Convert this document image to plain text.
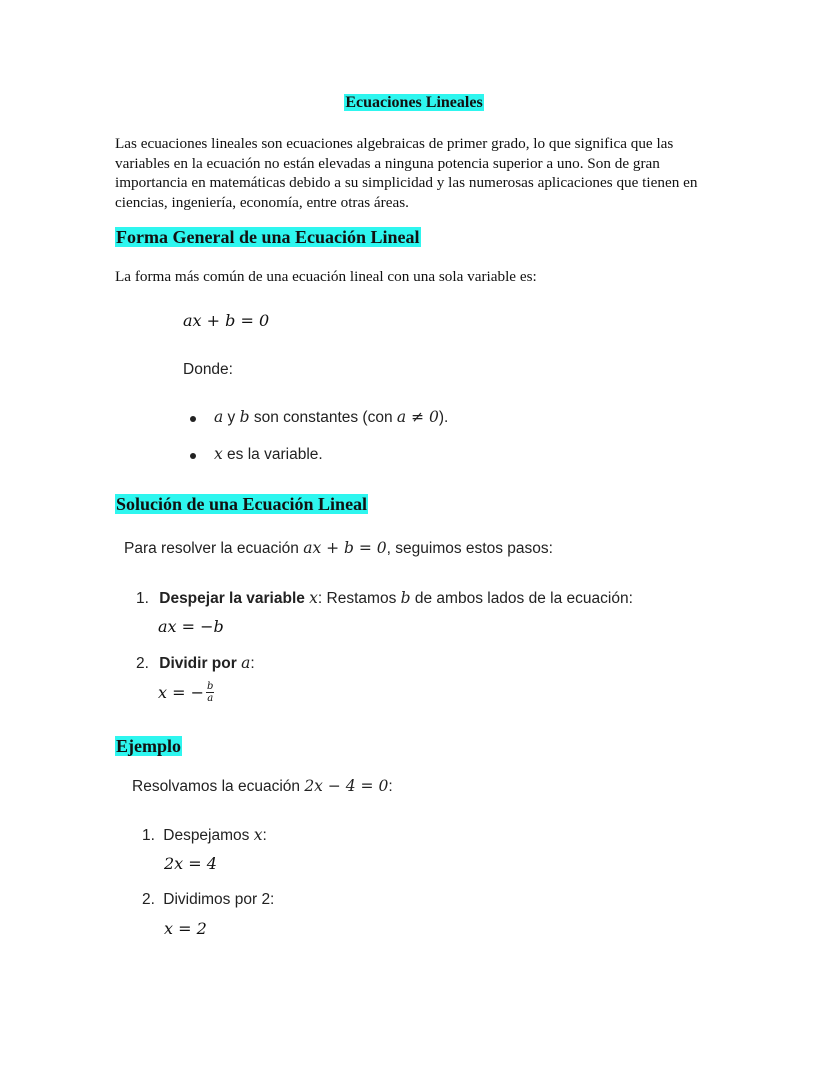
Ecuaciones Lineales
Las ecuaciones lineales son ecuaciones algebraicas de primer grado, lo que significa que las variables en la ecuación no están elevadas a ninguna potencia superior a uno. Son de gran importancia en matemáticas debido a su simplicidad y las numerosas aplicaciones que tienen en ciencias, ingeniería, economía, entre otras áreas.
Forma General de una Ecuación Lineal
La forma más común de una ecuación lineal con una sola variable es:
ax + b = 0
Donde:
a y b son constantes (con a ≠ 0).
x es la variable.
Solución de una Ecuación Lineal
Para resolver la ecuación ax + b = 0, seguimos estos pasos:
1. Despejar la variable x: Restamos b de ambos lados de la ecuación:
ax = −b
2. Dividir por a:
x = − $\frac{b}{a}$
Ejemplo
Resolvamos la ecuación 2x − 4 = 0:
1. Despejamos x:
2x = 4
2. Dividimos por 2:
x = 2
